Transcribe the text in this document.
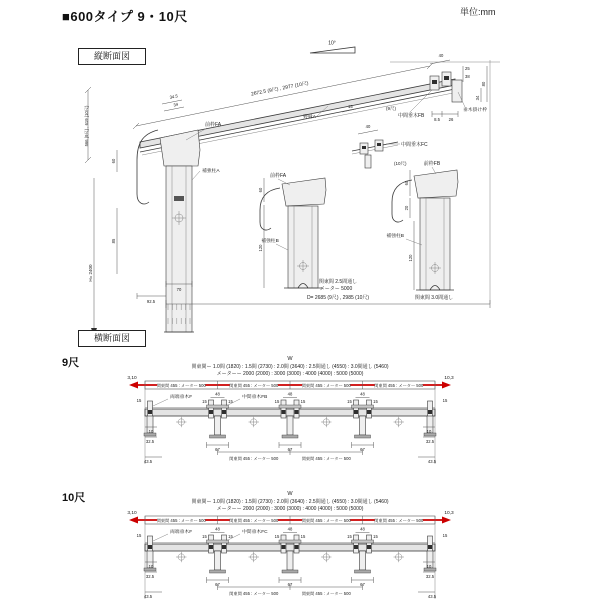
■600タイプ 9・10尺	単位:mm
縦断面図
10°
2672.5 (9尺) , 2977 (10尺)
34.5
34
前枠FA
補強柱A
566 (9尺) , 619 (10尺)
60
85
H= 2400
70
92.5
野縁A
15
40
25
38
80
34
8.5 26
垂木掛け枠
(9尺)
中間垂木FB
40
中間垂木FC
(10尺)
前枠FA
補強柱B
60
120
前枠FB
補強柱B
60
20
120
関東間 2.5間通し
メーター 5000
D= 2685 (9尺) , 2985 (10尺)	関東間 3.0間通し
横断面図
9尺
10尺
48
15	15
67
W
関東間ー 1.0間 (1820) : 1.5間 (2730) : 2.0間 (3640) : 2.5間通し (4550) : 3.0間通し (5460)
メーターー 2000 (2000) : 3000 (3000) : 4000 (4000) : 5000 (5000)
3,10	10,3
関東間 455 : メーター 500	関東間 455 : メーター 500	関東間 455 : メーター 500	関東間 455 : メーター 500
15	15
10
32.5
43.5
10
32.5
43.5
関東間 455 : メーター 500	関東間 455 : メーター 500
両端垂木F	中間垂木FB
48
15	15
67
W
関東間ー 1.0間 (1820) : 1.5間 (2730) : 2.0間 (3640) : 2.5間通し (4550) : 3.0間通し (5460)
メーターー 2000 (2000) : 3000 (3000) : 4000 (4000) : 5000 (5000)
3,10	10,3
関東間 455 : メーター 500	関東間 455 : メーター 500	関東間 455 : メーター 500	関東間 455 : メーター 500
15	15
10
32.5
43.5
10
32.5
43.5
関東間 455 : メーター 500	関東間 455 : メーター 500
両端垂木F	中間垂木FC
